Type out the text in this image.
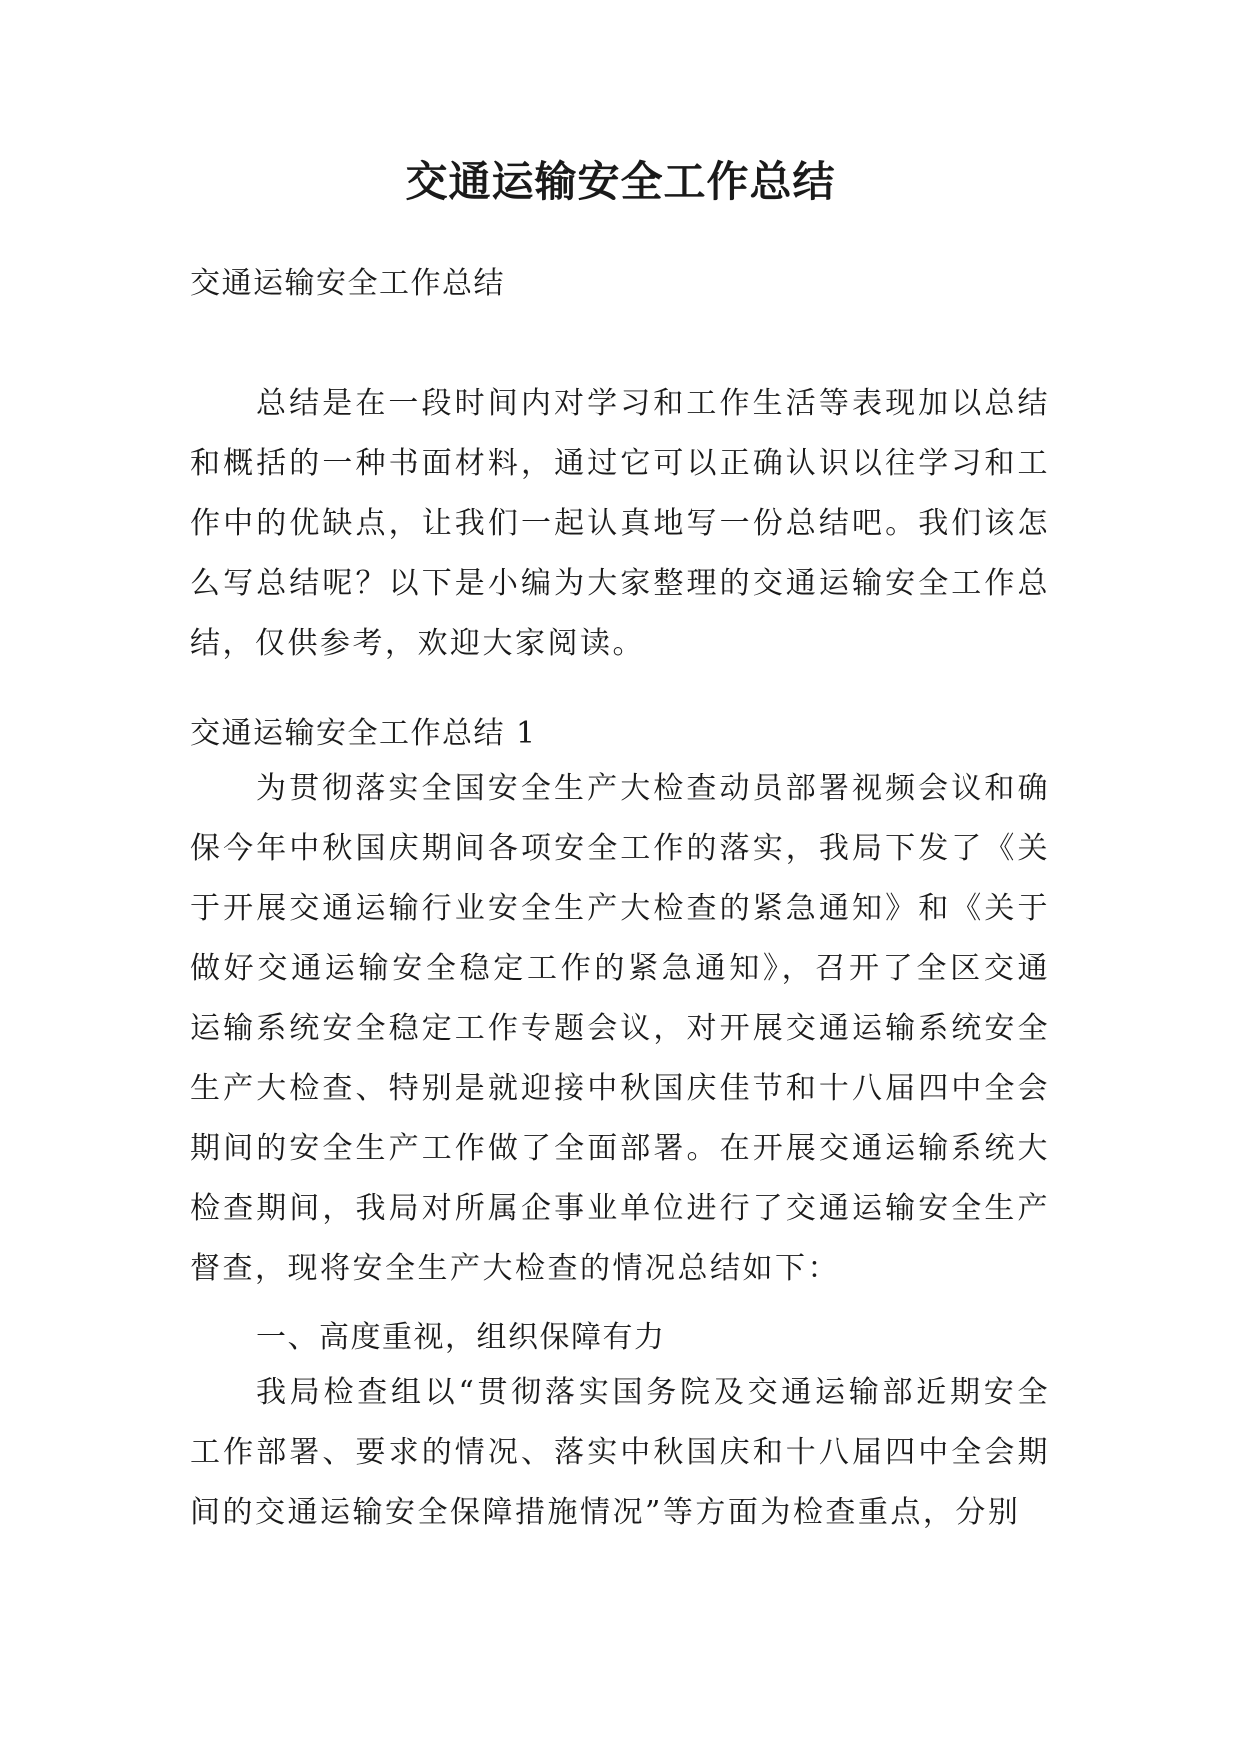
交通运输安全工作总结

交通运输安全工作总结

总结是在一段时间内对学习和工作生活等表现加以总结和概括的一种书面材料，通过它可以正确认识以往学习和工作中的优缺点，让我们一起认真地写一份总结吧。我们该怎么写总结呢？以下是小编为大家整理的交通运输安全工作总结，仅供参考，欢迎大家阅读。

交通运输安全工作总结 1

为贯彻落实全国安全生产大检查动员部署视频会议和确保今年中秋国庆期间各项安全工作的落实，我局下发了《关于开展交通运输行业安全生产大检查的紧急通知》和《关于做好交通运输安全稳定工作的紧急通知》，召开了全区交通运输系统安全稳定工作专题会议，对开展交通运输系统安全生产大检查、特别是就迎接中秋国庆佳节和十八届四中全会期间的安全生产工作做了全面部署。在开展交通运输系统大检查期间，我局对所属企事业单位进行了交通运输安全生产督查，现将安全生产大检查的情况总结如下：

一、高度重视，组织保障有力

我局检查组以“贯彻落实国务院及交通运输部近期安全工作部署、要求的情况、落实中秋国庆和十八届四中全会期间的交通运输安全保障措施情况”等方面为检查重点，分别
